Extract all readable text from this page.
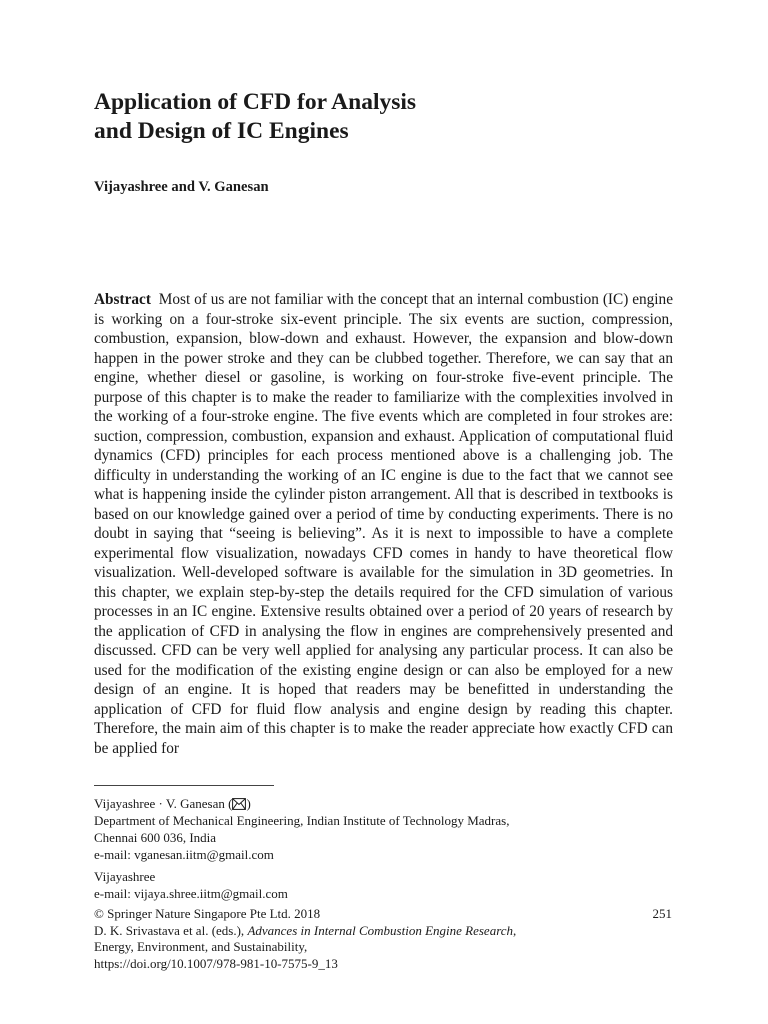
Application of CFD for Analysis
and Design of IC Engines

Vijayashree and V. Ganesan

Abstract Most of us are not familiar with the concept that an internal combustion (IC) engine is working on a four-stroke six-event principle. The six events are suction, compression, combustion, expansion, blow-down and exhaust. However, the expansion and blow-down happen in the power stroke and they can be clubbed together. Therefore, we can say that an engine, whether diesel or gasoline, is working on four-stroke five-event principle. The purpose of this chapter is to make the reader to familiarize with the complexities involved in the working of a four-stroke engine. The five events which are completed in four strokes are: suction, compression, combustion, expansion and exhaust. Application of computational fluid dynamics (CFD) principles for each process mentioned above is a challenging job. The difficulty in understanding the working of an IC engine is due to the fact that we cannot see what is happening inside the cylinder piston arrangement. All that is described in textbooks is based on our knowledge gained over a period of time by conducting experiments. There is no doubt in saying that “seeing is believing”. As it is next to impossible to have a complete experimental flow visualization, nowadays CFD comes in handy to have theoretical flow visualization. Well-developed software is available for the simulation in 3D geometries. In this chapter, we explain step-by-step the details required for the CFD simulation of various processes in an IC engine. Extensive results obtained over a period of 20 years of research by the application of CFD in analysing the flow in engines are comprehensively presented and discussed. CFD can be very well applied for analysing any particular process. It can also be used for the modification of the existing engine design or can also be employed for a new design of an engine. It is hoped that readers may be benefitted in understanding the application of CFD for fluid flow analysis and engine design by reading this chapter. Therefore, the main aim of this chapter is to make the reader appreciate how exactly CFD can be applied for

Vijayashree · V. Ganesan ( )
Department of Mechanical Engineering, Indian Institute of Technology Madras,
Chennai 600 036, India
e-mail: vganesan.iitm@gmail.com
Vijayashree
e-mail: vijaya.shree.iitm@gmail.com
© Springer Nature Singapore Pte Ltd. 2018
D. K. Srivastava et al. (eds.), Advances in Internal Combustion Engine Research,
Energy, Environment, and Sustainability,
https://doi.org/10.1007/978-981-10-7575-9_13

251
